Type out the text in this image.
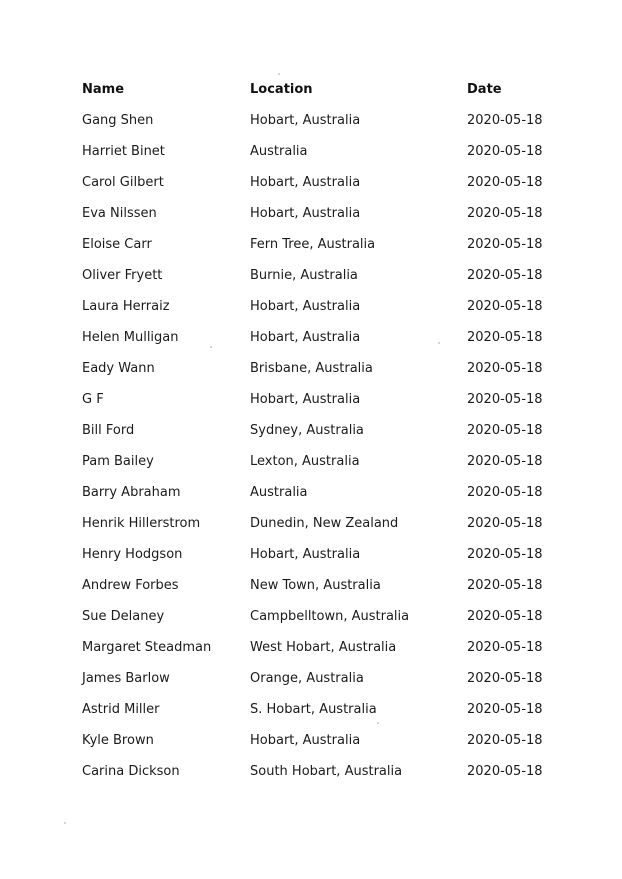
Name	Location	Date
Gang Shen	Hobart, Australia	2020-05-18
Harriet Binet	Australia	2020-05-18
Carol Gilbert	Hobart, Australia	2020-05-18
Eva Nilssen	Hobart, Australia	2020-05-18
Eloise Carr	Fern Tree, Australia	2020-05-18
Oliver Fryett	Burnie, Australia	2020-05-18
Laura Herraiz	Hobart, Australia	2020-05-18
Helen Mulligan	Hobart, Australia	2020-05-18
Eady Wann	Brisbane, Australia	2020-05-18
G F	Hobart, Australia	2020-05-18
Bill Ford	Sydney, Australia	2020-05-18
Pam Bailey	Lexton, Australia	2020-05-18
Barry Abraham	Australia	2020-05-18
Henrik Hillerstrom	Dunedin, New Zealand	2020-05-18
Henry Hodgson	Hobart, Australia	2020-05-18
Andrew Forbes	New Town, Australia	2020-05-18
Sue Delaney	Campbelltown, Australia	2020-05-18
Margaret Steadman	West Hobart, Australia	2020-05-18
James Barlow	Orange, Australia	2020-05-18
Astrid Miller	S. Hobart, Australia	2020-05-18
Kyle Brown	Hobart, Australia	2020-05-18
Carina Dickson	South Hobart, Australia	2020-05-18
